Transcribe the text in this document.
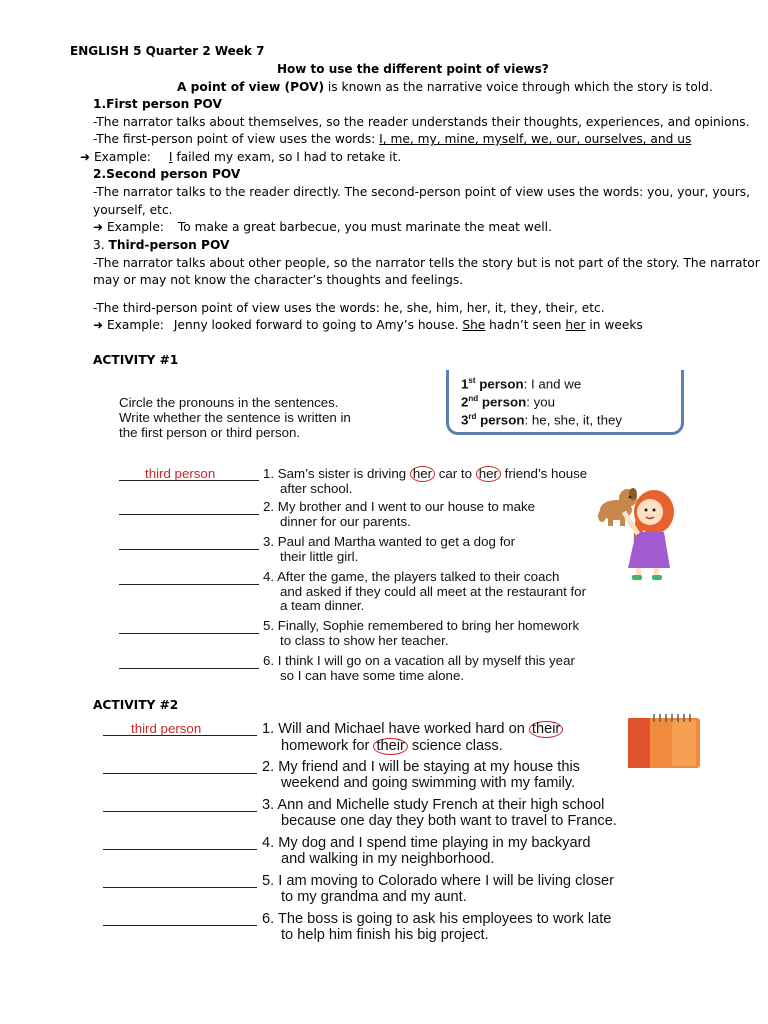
ENGLISH 5 Quarter 2 Week 7
How to use the different point of views?
A point of view (POV) is known as the narrative voice through which the story is told.
1.First person POV
-The narrator talks about themselves, so the reader understands their thoughts, experiences, and opinions.
-The first-person point of view uses the words: I, me, my, mine, myself, we, our, ourselves, and us
➜ Example: I failed my exam, so I had to retake it.
2.Second person POV
-The narrator talks to the reader directly. The second-person point of view uses the words: you, your, yours,
yourself, etc.
➜ Example: To make a great barbecue, you must marinate the meat well.
3. Third-person POV
-The narrator talks about other people, so the narrator tells the story but is not part of the story. The narrator
may or may not know the character’s thoughts and feelings.
-The third-person point of view uses the words: he, she, him, her, it, they, their, etc.
➜ Example: Jenny looked forward to going to Amy’s house. She hadn’t seen her in weeks
ACTIVITY #1
Circle the pronouns in the sentences.
Write whether the sentence is written in
the first person or third person.
1st person: I and we
2nd person: you
3rd person: he, she, it, they
third person	1. Sam’s sister is driving her car to her friend’s house
after school.
2. My brother and I went to our house to make
dinner for our parents.
3. Paul and Martha wanted to get a dog for
their little girl.
4. After the game, the players talked to their coach
and asked if they could all meet at the restaurant for
a team dinner.
5. Finally, Sophie remembered to bring her homework
to class to show her teacher.
6. I think I will go on a vacation all by myself this year
so I can have some time alone.
ACTIVITY #2
third person	1. Will and Michael have worked hard on their
homework for their science class.
2. My friend and I will be staying at my house this
weekend and going swimming with my family.
3. Ann and Michelle study French at their high school
because one day they both want to travel to France.
4. My dog and I spend time playing in my backyard
and walking in my neighborhood.
5. I am moving to Colorado where I will be living closer
to my grandma and my aunt.
6. The boss is going to ask his employees to work late
to help him finish his big project.
